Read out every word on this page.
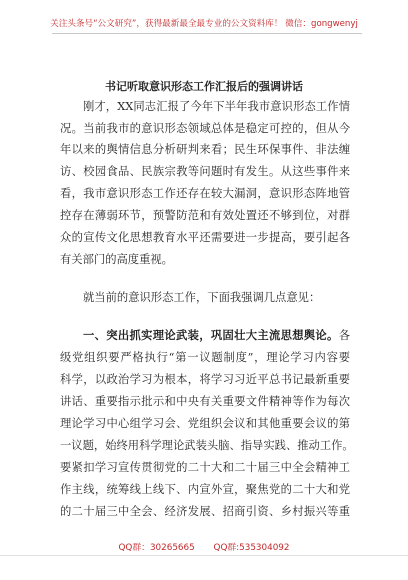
关注头条号“公文研究”，获得最新最全最专业的公文资料库！ 微信：gongwenyj
书记听取意识形态工作汇报后的强调讲话
刚才，XX同志汇报了今年下半年我市意识形态工作情
况。当前我市的意识形态领域总体是稳定可控的，但从今
年以来的舆情信息分析研判来看；民生环保事件、非法缠
访、校园食品、民族宗教等问题时有发生。从这些事件来
看，我市意识形态工作还存在较大漏洞，意识形态阵地管
控存在薄弱环节，预警防范和有效处置还不够到位，对群
众的宣传文化思想教育水平还需要进一步提高，要引起各
有关部门的高度重视。
就当前的意识形态工作，下面我强调几点意见：
一、突出抓实理论武装，巩固壮大主流思想舆论。各
级党组织要严格执行“第一议题制度”，理论学习内容要
科学，以政治学习为根本，将学习习近平总书记最新重要
讲话、重要指示批示和中央有关重要文件精神等作为每次
理论学习中心组学习会、党组织会议和其他重要会议的第
一议题，始终用科学理论武装头脑、指导实践、推动工作。
要紧扣学习宣传贯彻党的二十大和二十届三中全会精神工
作主线，统筹线上线下、内宣外宣，聚焦党的二十大和党
的二十届三中全会、经济发展、招商引资、乡村振兴等重
QQ群：30265665 QQ群:535304092
